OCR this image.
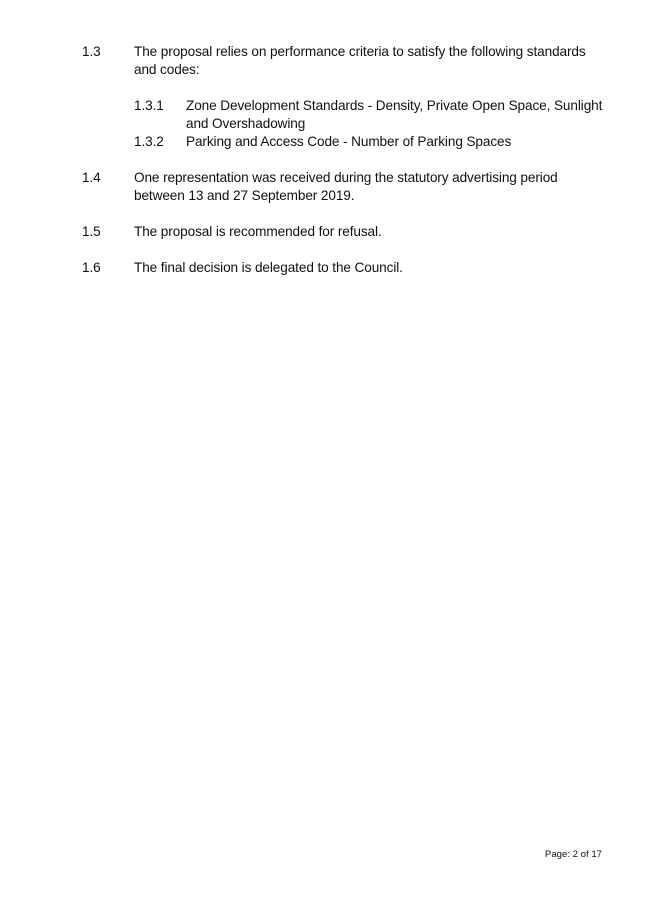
1.3 The proposal relies on performance criteria to satisfy the following standards and codes:
1.3.1 Zone Development Standards - Density, Private Open Space, Sunlight and Overshadowing
1.3.2 Parking and Access Code - Number of Parking Spaces
1.4 One representation was received during the statutory advertising period between 13 and 27 September 2019.
1.5 The proposal is recommended for refusal.
1.6 The final decision is delegated to the Council.
Page: 2 of 17
